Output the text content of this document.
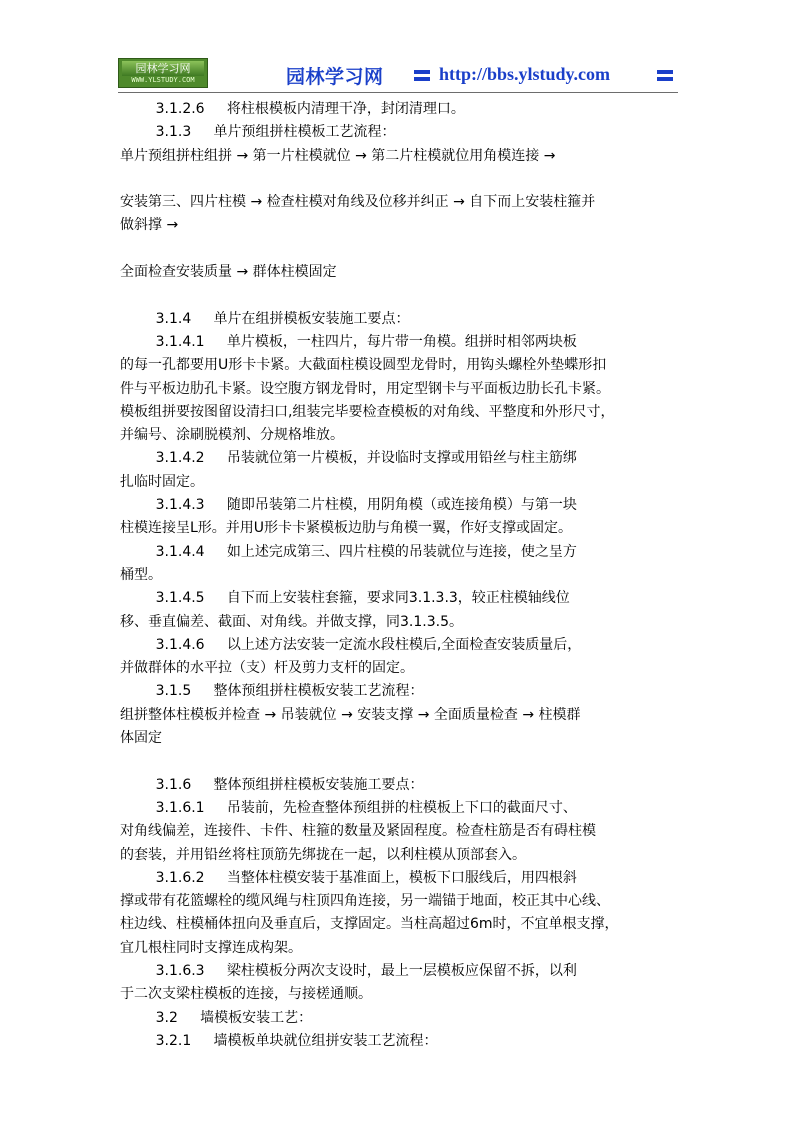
园林学习网
WWW.YLSTUDY.COM	园林学习网	http://bbs.ylstudy.com
3.1.2.6     将柱根模板内清理干净，封闭清理口。
3.1.3     单片预组拼柱模板工艺流程：
单片预组拼柱组拼 → 第一片柱模就位 → 第二片柱模就位用角模连接 →
安装第三、四片柱模 → 检查柱模对角线及位移并纠正 → 自下而上安装柱箍并
做斜撑 →
全面检查安装质量 → 群体柱模固定
3.1.4     单片在组拼模板安装施工要点：
3.1.4.1     单片模板，一柱四片，每片带一角模。组拼时相邻两块板
的每一孔都要用U形卡卡紧。大截面柱模设圆型龙骨时，用钩头螺栓外垫蝶形扣
件与平板边肋孔卡紧。设空腹方钢龙骨时，用定型钢卡与平面板边肋长孔卡紧。
模板组拼要按图留设清扫口,组装完毕要检查模板的对角线、平整度和外形尺寸，
并编号、涂刷脱模剂、分规格堆放。
3.1.4.2     吊装就位第一片模板，并设临时支撑或用铅丝与柱主筋绑
扎临时固定。
3.1.4.3     随即吊装第二片柱模，用阴角模（或连接角模）与第一块
柱模连接呈L形。并用U形卡卡紧模板边肋与角模一翼，作好支撑或固定。
3.1.4.4     如上述完成第三、四片柱模的吊装就位与连接，使之呈方
桶型。
3.1.4.5     自下而上安装柱套箍，要求同3.1.3.3，较正柱模轴线位
移、垂直偏差、截面、对角线。并做支撑，同3.1.3.5。
3.1.4.6     以上述方法安装一定流水段柱模后,全面检查安装质量后，
并做群体的水平拉（支）杆及剪力支杆的固定。
3.1.5     整体预组拼柱模板安装工艺流程：
组拼整体柱模板并检查 → 吊装就位 → 安装支撑 → 全面质量检查 → 柱模群
体固定
3.1.6     整体预组拼柱模板安装施工要点：
3.1.6.1     吊装前，先检查整体预组拼的柱模板上下口的截面尺寸、
对角线偏差，连接件、卡件、柱箍的数量及紧固程度。检查柱筋是否有碍柱模
的套装，并用铅丝将柱顶筋先绑拢在一起，以利柱模从顶部套入。
3.1.6.2     当整体柱模安装于基准面上，模板下口服线后，用四根斜
撑或带有花篮螺栓的缆风绳与柱顶四角连接，另一端锚于地面，校正其中心线、
柱边线、柱模桶体扭向及垂直后，支撑固定。当柱高超过6m时，不宜单根支撑，
宜几根柱同时支撑连成构架。
3.1.6.3     梁柱模板分两次支设时，最上一层模板应保留不拆，以利
于二次支梁柱模板的连接，与接槎通顺。
3.2     墙模板安装工艺：
3.2.1     墙模板单块就位组拼安装工艺流程：
